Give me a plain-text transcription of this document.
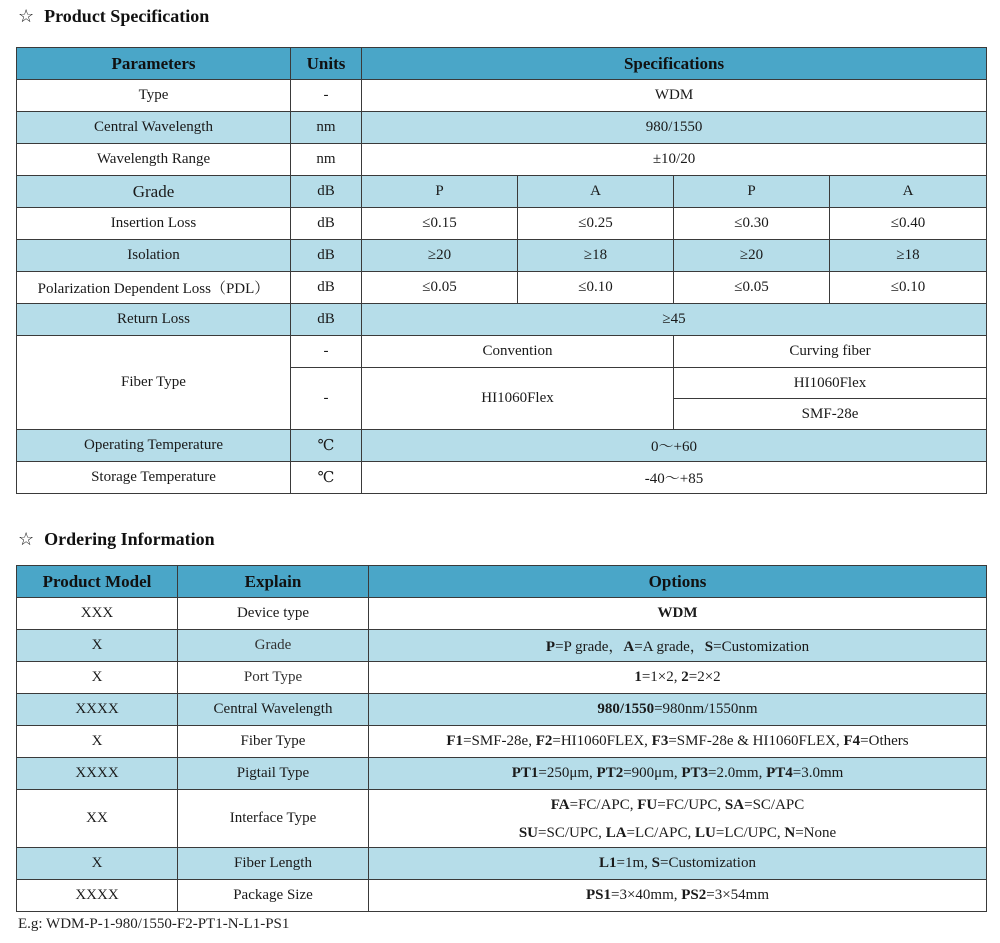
☆ Product Specification
Parameters	Units	Specifications			
Type	-	WDM			
Central Wavelength	nm	980/1550			
Wavelength Range	nm	±10/20			
Grade	dB	P	A	P	A
Insertion Loss	dB	≤0.15	≤0.25	≤0.30	≤0.40
Isolation	dB	≥20	≥18	≥20	≥18
Polarization Dependent Loss（PDL）	dB	≤0.05	≤0.10	≤0.05	≤0.10
Return Loss	dB	≥45			
Fiber Type	-	Convention		Curving fiber	
	-	HI1060Flex		HI1060Flex	
				SMF-28e	
Operating Temperature	℃	0～+60			
Storage Temperature	℃	-40～+85			
☆ Ordering Information
Product Model	Explain	Options
XXX	Device type	WDM
X	Grade	P=P grade，A=A grade，S=Customization
X	Port Type	1=1×2, 2=2×2
XXXX	Central Wavelength	980/1550=980nm/1550nm
X	Fiber Type	F1=SMF-28e, F2=HI1060FLEX, F3=SMF-28e & HI1060FLEX, F4=Others
XXXX	Pigtail Type	PT1=250μm, PT2=900μm, PT3=2.0mm, PT4=3.0mm
XX	Interface Type	FA=FC/APC, FU=FC/UPC, SA=SC/APC
SU=SC/UPC, LA=LC/APC, LU=LC/UPC, N=None

X	Fiber Length	L1=1m, S=Customization
XXXX	Package Size	PS1=3×40mm, PS2=3×54mm
E.g: WDM-P-1-980/1550-F2-PT1-N-L1-PS1
